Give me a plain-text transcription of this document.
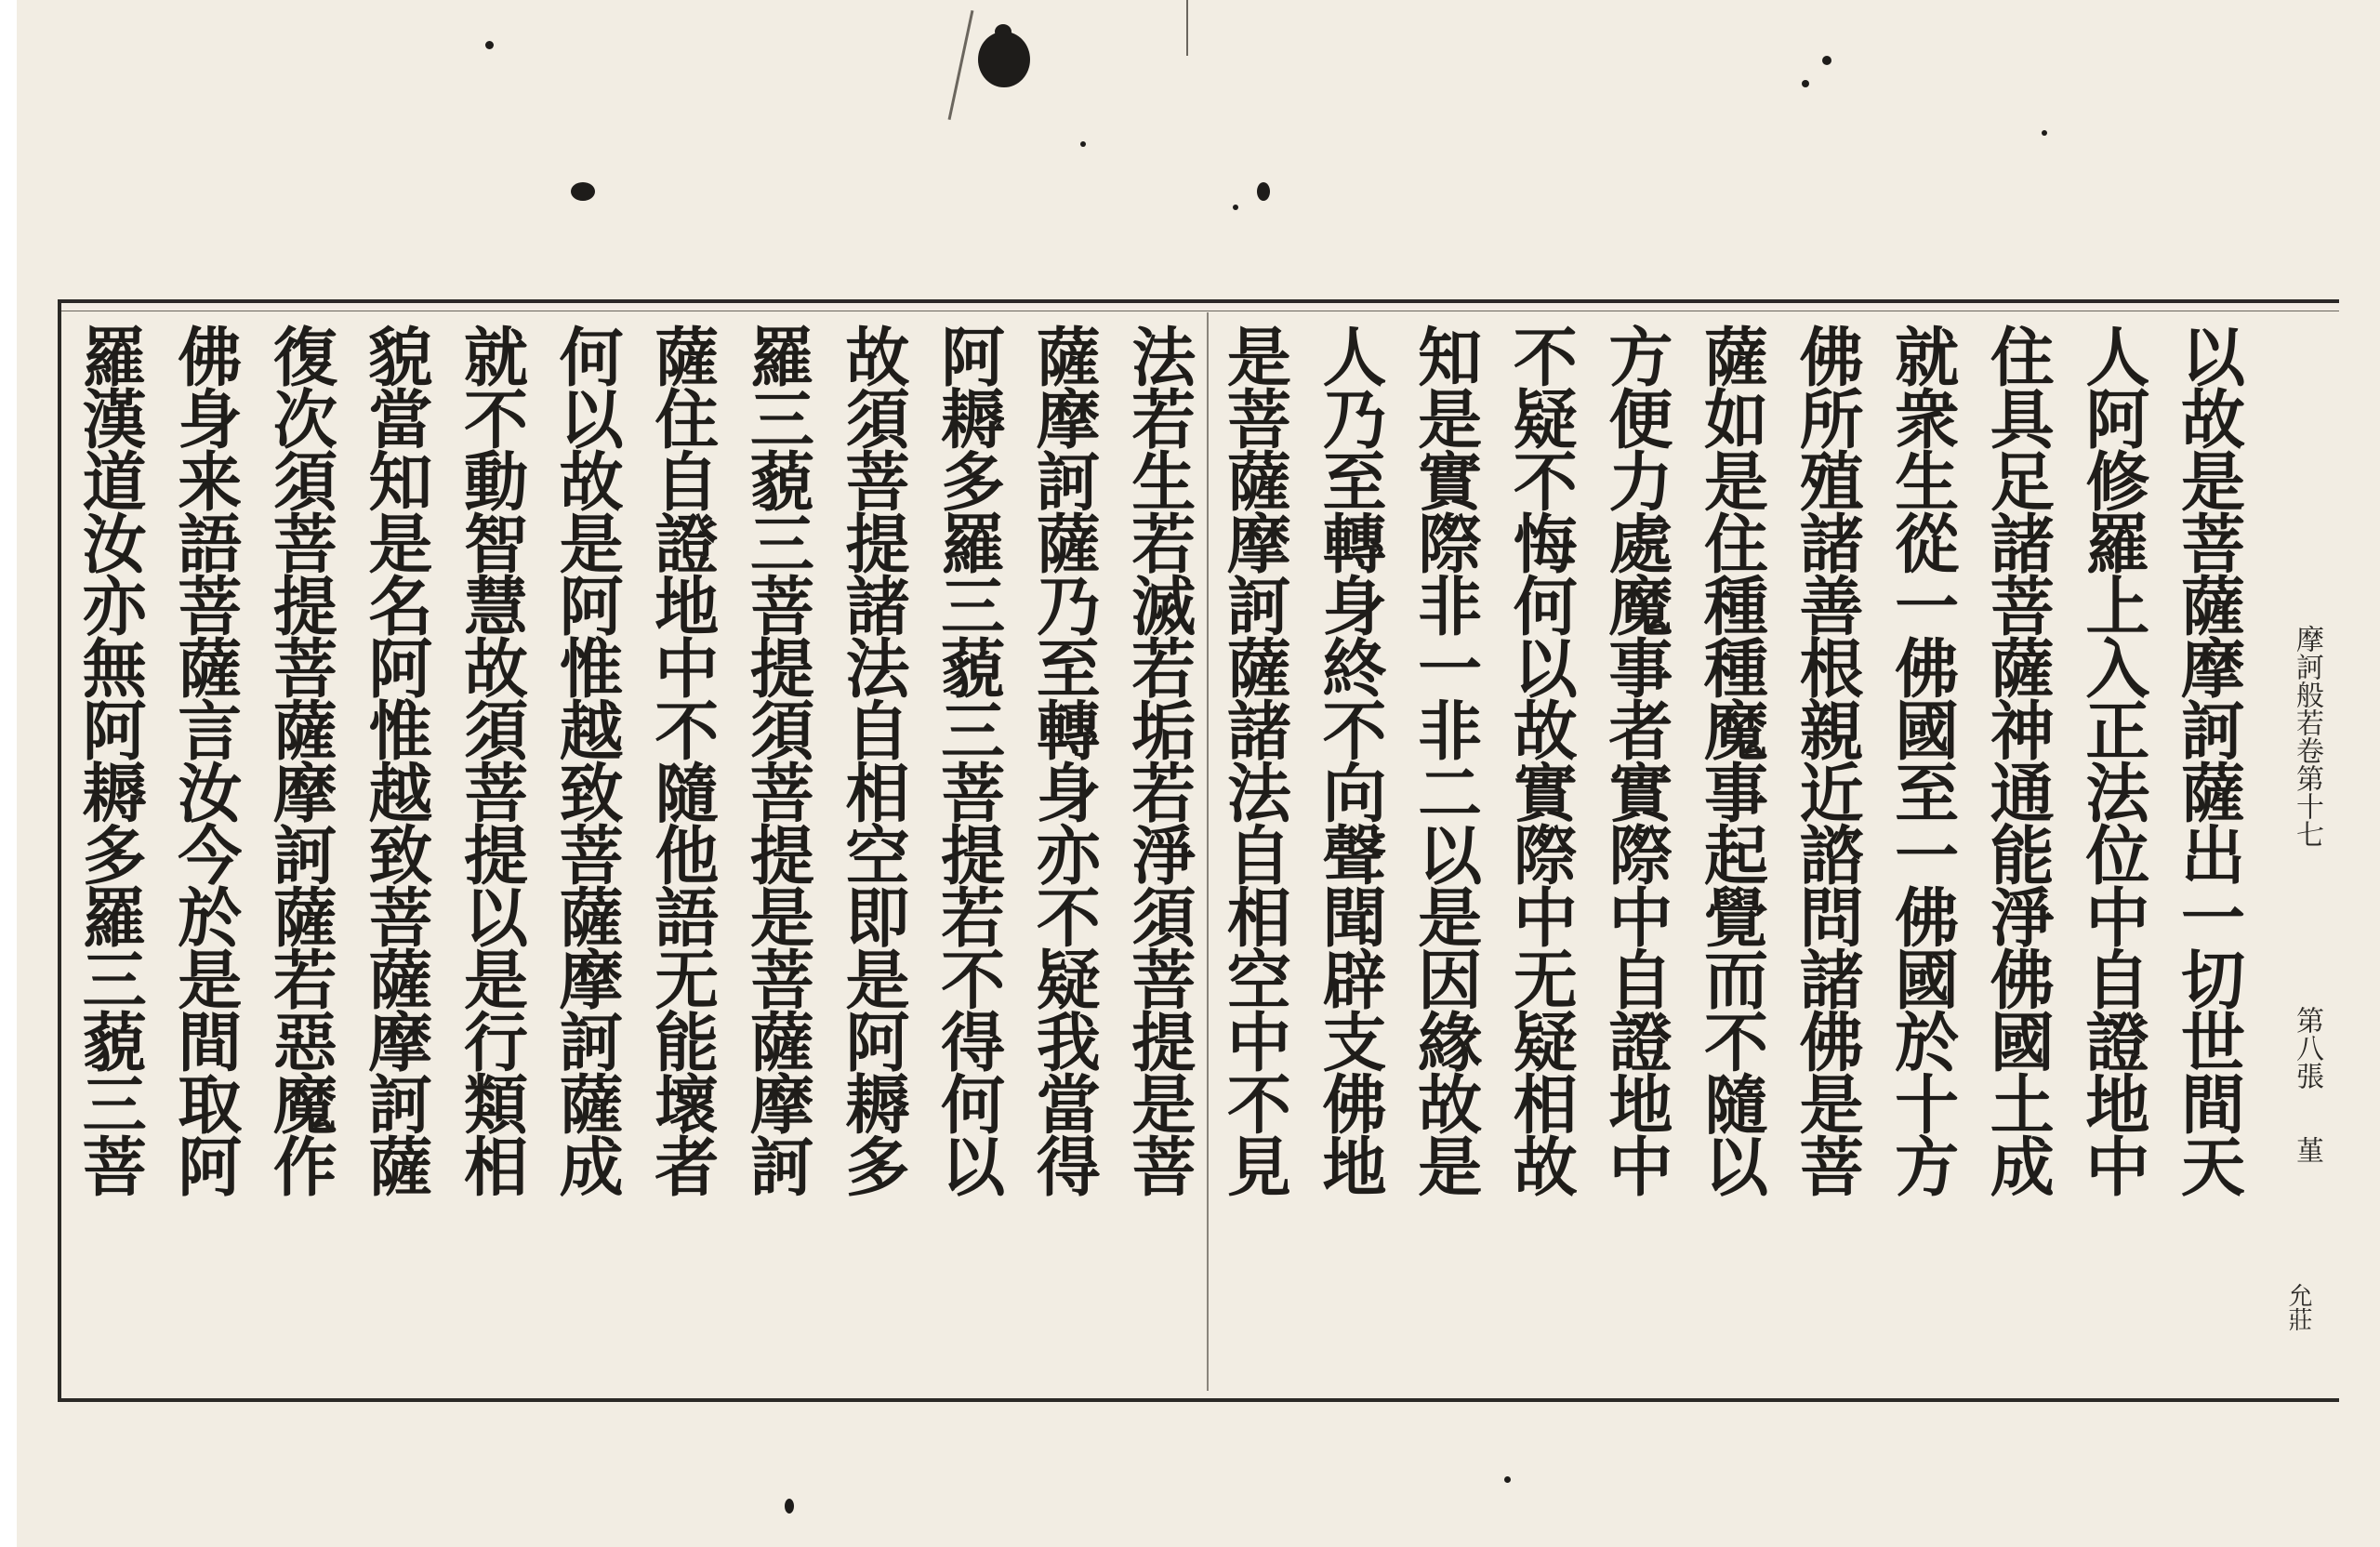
以故是菩薩摩訶薩出一切世間天
人阿修羅上入正法位中自證地中
住具足諸菩薩神通能淨佛國土成
就衆生從一佛國至一佛國於十方
佛所殖諸善根親近諮問諸佛是菩
薩如是住種種魔事起覺而不隨以
方便力處魔事者實際中自證地中
不疑不悔何以故實際中无疑相故
知是實際非一非二以是因緣故是
人乃至轉身終不向聲聞辟支佛地
是菩薩摩訶薩諸法自相空中不見
法若生若滅若垢若淨須菩提是菩
薩摩訶薩乃至轉身亦不疑我當得
阿耨多羅三藐三菩提若不得何以
故須菩提諸法自相空即是阿耨多
羅三藐三菩提須菩提是菩薩摩訶
薩住自證地中不隨他語无能壞者
何以故是阿惟越致菩薩摩訶薩成
就不動智慧故須菩提以是行類相
貌當知是名阿惟越致菩薩摩訶薩
復次須菩提菩薩摩訶薩若惡魔作
佛身来語菩薩言汝今於是間取阿
羅漢道汝亦無阿耨多羅三藐三菩	摩訶般若卷第十七
第八張
堇
允莊
